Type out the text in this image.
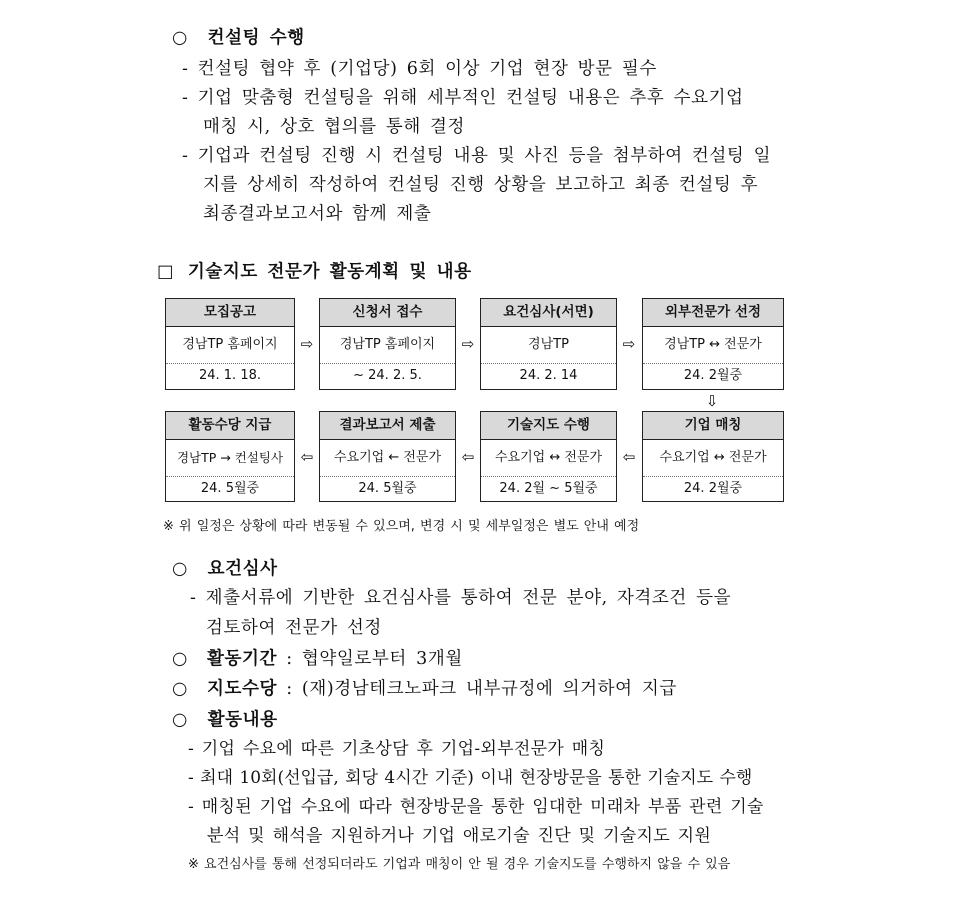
○ 컨설팅 수행
- 컨설팅 협약 후 (기업당) 6회 이상 기업 현장 방문 필수
- 기업 맞춤형 컨설팅을 위해 세부적인 컨설팅 내용은 추후 수요기업
매칭 시, 상호 협의를 통해 결정
- 기업과 컨설팅 진행 시 컨설팅 내용 및 사진 등을 첨부하여 컨설팅 일
지를 상세히 작성하여 컨설팅 진행 상황을 보고하고 최종 컨설팅 후
최종결과보고서와 함께 제출
□ 기술지도 전문가 활동계획 및 내용
모집공고
경남TP 홈페이지
24. 1. 18.
⇨
신청서 접수
경남TP 홈페이지
~ 24. 2. 5.
⇨
요건심사(서면)
경남TP
24. 2. 14
⇨
외부전문가 선정
경남TP ↔ 전문가
24. 2월중
⇩
활동수당 지급
경남TP → 컨설팅사
24. 5월중
⇦
결과보고서 제출
수요기업 ← 전문가
24. 5월중
⇦
기술지도 수행
수요기업 ↔ 전문가
24. 2월 ~ 5월중
⇦
기업 매칭
수요기업 ↔ 전문가
24. 2월중
※ 위 일정은 상황에 따라 변동될 수 있으며, 변경 시 및 세부일정은 별도 안내 예정
○ 요건심사
- 제출서류에 기반한 요건심사를 통하여 전문 분야, 자격조건 등을
검토하여 전문가 선정
○ 활동기간 : 협약일로부터 3개월
○ 지도수당 : (재)경남테크노파크 내부규정에 의거하여 지급
○ 활동내용
- 기업 수요에 따른 기초상담 후 기업-외부전문가 매칭
- 최대 10회(선입급, 회당 4시간 기준) 이내 현장방문을 통한 기술지도 수행
- 매칭된 기업 수요에 따라 현장방문을 통한 임대한 미래차 부품 관련 기술
분석 및 해석을 지원하거나 기업 애로기술 진단 및 기술지도 지원
※ 요건심사를 통해 선정되더라도 기업과 매칭이 안 될 경우 기술지도를 수행하지 않을 수 있음
